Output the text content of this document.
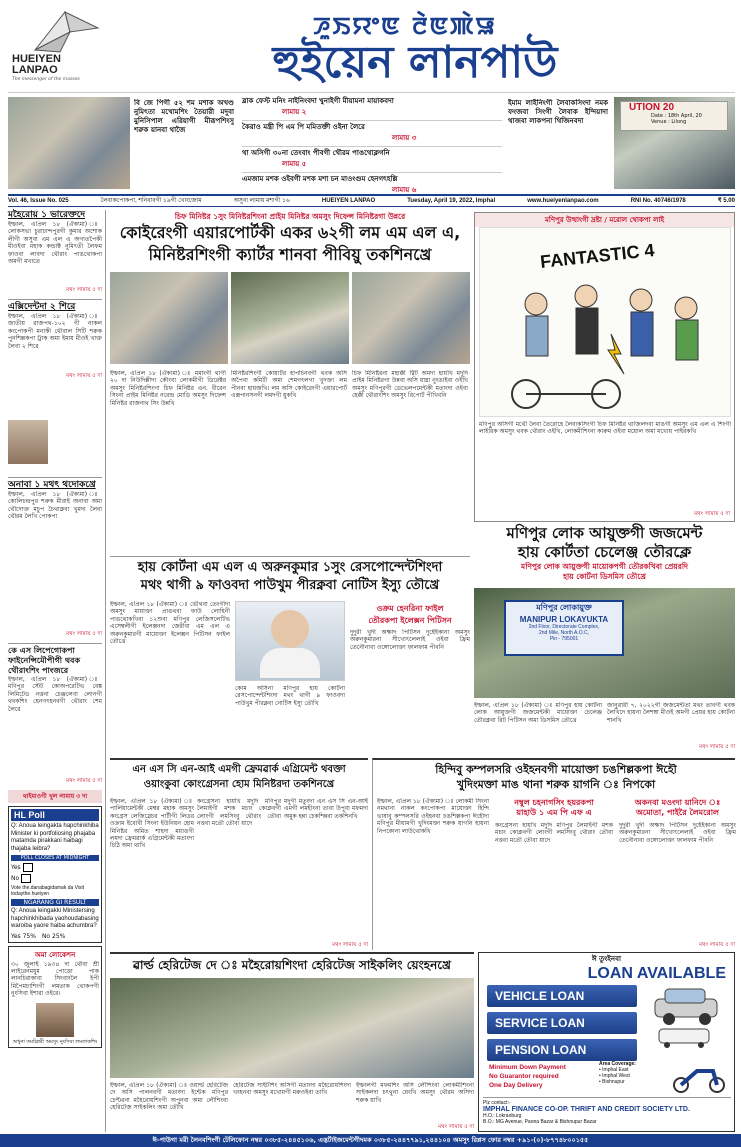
HUEIYEN
LANPAO
The messenger of the masses
ꯍꯨꯏꯌꯦꯟ ꯂꯥꯟꯄꯥꯎ
হুইয়েন লানপাউ
বি জে পিগী ৫২ শম মশাক অখণ্ড নুমিৎতা মখোমশিং তৈয়ারী মদুবা মুনিসিপাল এরিয়াগী মীরূপশিংসু শরুক য়ানবা থাজৈ
ব্লাক ফেস্ট মনিং নাইনিংবদা খুনাইগী মীয়ামনা মায়াকবদা
লামায় ২
কৈরাও মন্ত্রী পি এম পি মমিতক্তী ওইনা লৈরে
লামায় ৩
থা অসিগী ৩০না তেংবাং পীবগী থৌরম পাঙথোক্লগনি
লামায় ৫
এমজাম মশক ওইবগী মশক মশা চন মাওংগুম হেনগৎহল্লি
লামায় ৬
ইমাম লাইনিংগী লৈবাকসিংদা নমক ফংজবা সিংগী লৈবাক ইন্দিয়াদা থাজবা লাকপনা থিজিনবদা
UTION 20
Date : 18th April, 20
Venue : Lilong
Vol. 46, Issue No. 025	লৈবাকপোকপা, শনিবাবগী ১৯গী খোংজোম	অসুবা লামায় মশাগী ১৬	HUEIYEN LANPAO	Tuesday, April 19, 2022, Imphal	www.hueiyenlanpao.com	RNI No. 40746/1978	₹ 5.00
মহৈরোয় ১ ভারেক্তদে
ইম্ফাল, এপ্রিল ১৮ (ঐক্যমা) ঃ লোকসভা চুরাচান্দপুরগী কুমার অশোক লীগী অসুবা এম এল এ অগ্যতপৈকী মীওইবা মহাক কন্ডাক্ট নুমিৎতী লৈফম ফাওবা লাবদা থৌরাং পাঙথোকপা অমগী মখাতে
মথং লামায় ৫ দা
এক্সিদেন্টদা ২ শিরে
ইম্ফাল, এপ্রিল ১৮ (ঐক্যমা) ঃ জাতীয় রাজপথ-১০২ গী নাকল কংপোকপী মনাকী থৌবাল সিটি শরুক পুনশিল্লকপা ট্রাক অমা ইমায় মীওই খাক্ত লৈবা ২ শিরে
মথং লামায় ৫ দা
অনাবা ১ মথৎ থদোকখ্রে
ইম্ফাল, এপ্রিল ১৮ (ঐক্যমা) ঃ কোলিচন্দ্রপুর শরুক মীরাই অনাবা অমা থৌদোক্ত মচুপ চৈথাক্লবা খুমদা লৈবা থৌরম লৈখি পোকপা
মথং লামায় ৫ দা
কে এস লিপেগোকপা ফাইনেন্সিমৌপীগী থবক থৌরাংশিং পাংজরে
ইম্ফাল, এপ্রিল ১৮ (ঐক্যমা) ঃ মণিপুর স্টেট কোঅপরেটিভ বেঙ্ক লিমিটেড নত্তনা চেঞ্জলেবা লোনগী থবকশিং হেনগৎহনবগী থৌরাং শেম লৈরে
মথং লামায় ৫ দা
থাইমাওগী খুল লামায় ৩ দা
HL Poll
Q: Anoua leingakta hapchinkhiba Minister ki portfoliosing phajaba matamda pirakkani haibagi thajaba leibra?
POLL CLOSES AT MIDNIGHT
Yes
No
Vote the.danabagidamak da Visit todaythe.hueiyen
NGARANG GI RESULT
Q: Anoua leingakki Ministersing hapchinkhibada yaohoudabasing waroiba yaore haiba achumbra?
Yes 75% No 25%
অমা লোকেশন
৩০ জুলাই ১৯৩৪ দা থৌবা শ্রী লাইরেনমযুম পোত্তো পাক লানচিরাকাবা সিংবাংলৈ ইপী মিপৈমচাশিংগী লমতাক থোকপগী নুংসিবা ইশারা ওইরে।
অখুনা তমচিন্নরী অমসুং নুংসিবা লমতাকশিং
চিফ মিনিষ্টর ১সুং মিনিষ্টরশিংনা প্রাইম মিনিষ্টর অমসুং দিফেন্স মিনিষ্টরগা উন্নরে
কোইরেংগী এয়ারপোর্টকী একর ৬২গী লম এম এল এ,
মিনিষ্টরশিংগী ক্যার্টর শানবা পীবিয়ু তকশিনখ্রে
ইম্ফাল, এপ্রিল ১৮ (ঐক্যমা) ঃ মমাংগী থাগী ২০ দা নিউদিল্লীদা কৌংবা লোকমীগী ডিরেক্টর অমসুং মিনিষ্টরশিংগা চিফ মিনিষ্টর এন. বীরেন সিংনা প্রাইম মিনিষ্টর নরেন্দ্র মোডি অমসুং দিফেন্স মিনিষ্টর রাজনাথ সিং উন্নখি
মিনিষ্টরশিংগী কোয়ার্টর হাপচিনবগী থবক অসি অপৈবা কমিটি অমা শেমগৎলগা খুদক্তা লম পীনবা হায়জখি। লম অসি কোইরেংগী এয়ারপোর্ট এক্সপানসনগী লমদগী য়ুকখি
চিফ মিনিষ্টরনা মহাক্কী ট্বিট অমদা হায়খি মদুদি প্রাইম মিনিষ্টরগা উন্নবা অসি য়াম্না নুংঙাইবা ওইখি অমসুং মণিপুরগী ডেভেলপমেন্টকী মতাংদা ওইবা হেক্কী থৌরাংশিং অমসুং রিপোর্ট পীখিবনি
মণিপুর উত্থাংগী দ্রষ্টা / মরোল থোকপা লাই
FANTASTIC 4
মণিপুর অসিগী মথৌ লৈবা তৈরোহে লৈবাকসিংগী চিফ মিনিষ্টর থাজিলদবা মাঙগী অমসুং এম এল এ শিংগী লাইরিক অমসুং থবক থৌরাং ওইখি, লোকমীশিংনা কারুম ওইবা ময়োল অমা মখোয় পাইরকখি
মথং লামায় ৫ দা
মণিপুর লোক আয়ুক্তগী জজমেন্ট
হায় কোর্টতা চেলেঞ্জ তৌরক্লে
মণিপুর লোক আয়ুক্তগী মায়োকপগী তৌরকখিবা প্রেয়রদি
হায় কোর্টনা ডিসমিস তৌখ্রে
মণিপুর লোকায়ুক্ত
MANIPUR LOKAYUKTA
2nd Floor, Directorate Complex,
2nd Mile, North A.O.C,
Pin - 795001
ইম্ফাল, এপ্রিল ১৮ (ঐক্যমা) ঃ মণিপুর হায় কোর্টনা লোক আয়ুক্তগী জজমেন্টকী মায়োক্তা চেলেঞ্জ তৌরক্লবা রিট পিটিসন অমা ডিসমিস তৌখ্রে
জানুৱারী ৭, ২০২২গী জজমেন্টতা মথং তাবগী থবক লৈখিদে হায়না লৈশম্বা মীওই অমগী প্রেয়র হায় কোর্টনা শানখি
মথং লামায় ৫ দা
হায় কোর্টনা এম এল এ অরুনকুমার ১সুং রেসপোন্দেন্টশিংদা
মথং থাগী ৯ ফাওবদা পাউখুম পীরক্নবা নোটিস ইস্যু তৌখ্রে
ইম্ফাল, এপ্রিল ১৮ (ঐক্যমা) ঃ ভৌথবা তেংগীদা অমসুং মায়াক্তা প্রাঙথবা ফাউ লোহিনী পাঙথোকখিবা ১২শুবা মণিপুর লেজিসলেটিভ এসেম্বলীগী ইলেক্সনদা জেরীবা এম এল এ অরুনকুমারগী মায়োক্তা ইলেক্সন পিটিসন ফাইল তৌখ্রে
কোম অসিনা মণিপুর হায় কোর্টনা রেসপোন্দেন্টশিংদা মথং থাগী ৯ ফাওবদা পাউখুম পীরক্নবা নোটিস ইস্যু তৌখি
ওক্রম হেনরিনা ফাইল
তৌরকপা ইলেক্সন পিটিসন
দুদুরী খুদী অক্ষাদ পিটিসন দুহেঁইকানা অমসুং অরুনকুমারনা সীখোৎলেলাই ওইবা ফ্রিম তেনৌনাবা ওঙ্গোলোক্তা ফালফাম পীবনি
এন এস সি এন-আই এমগী ফ্রেমৱার্ক এগ্রিমেন্ট থবক্তা
ওয়াংকুবা কোংগ্রেসনা হোম মিনিষ্টরদা তকশিনখ্রে
ইম্ফাল, এপ্রিল ১৮ (ঐক্যমা) ঃ পার্লিয়ামেন্টকী মেম্বর মহাক অমসুং কংগ্রেস লেজিস্লেচর পার্টীগী লিডর ওক্রাম ইবোবী সিংনা ইউনিয়ন হোম মিনিষ্টর অমিত শাহদা ময়াঙগী লমদা ফ্রেমৱার্ক এগ্রিমেন্টকী মতাংদা চিঠি অমা থাখি
কংগ্রেসনা হায়খি মদুদি মণিপুর লৈমাইগী মশক মচাং কোক্লবগী লোংগী লমসিংবু থৌরাং তৌবা নত্তবা মতৌ তৌবা য়াদে
মদুগী মতুংদা এন এস সি এন-আই এমগী লমহীংনা তাবা উপুবা মফমদা অমুক হন্না চেকশিন্নবা তকশিনখি
মথং লামায় ৫ দা
হিন্দিবু কম্পলসরি ওইহনবগী মায়োক্তা চঙশিল্লকপা ঈহৌ
খুদিংমক্তা মাঙ থানা শরুক য়াগনি ঃ নিপকো
ইম্ফাল, এপ্রিল ১৮ (ঐক্যমা) ঃ লোকমী সিংনা নমথানা নাকল কংপোকপা মায়োক্তা হিন্দি ভাষাবু কম্পলসরি ওইহনবা চঙশিল্লকপা ঈহৌদা মণিপুর মীয়ামগী খুদিংমক্তা শরুক য়াগনি হায়না নিপকোনা লাউথোকখি
নম্বুল চহনাগসিং হয়রকপা
য়াহাউ ১ এম পি এফ এ
কংগ্রেসনা হায়খি মদুদি মণিপুর লৈমাইগী মশক মচাং কোক্লবগী লোংগী লমসিংবু থৌরাং তৌবা নত্তবা মতৌ তৌবা য়াদে
অকনবা মওংদা য়ানিদে ঃ
অমোতা, পাইরৈ লৈমরোল
দুদুরী খুদী অক্ষাদ পিটিসন দুহেঁইকানা অমসুং অরুনকুমারনা সীখোৎলেলাই ওইবা ফ্রিম তেনৌনাবা ওঙ্গোলোক্তা ফালফাম পীবনি
মথং লামায় ৫ দা
ৱার্ল্ড হেরিটেজ দে ঃ মহৈরোয়শিংদা হেরিটেজ সাইকলিং য়েংহনখ্রে
ইম্ফাল, এপ্রিল ১৮ (ঐক্যমা) ঃ ওয়ার্ল্ড হেরিটেজ দে অসি পালনবগী মতাংদা ইন্টেক মণিপুর চেপ্টরনা মহৈরোয়শিংগী অপুনবা অমা লৌশিংবা হেরিটেজ সাইকলিং অমা তৌখি
হেরিটেজ সাইটশিং অসিগী মতাংদা মহৈরোয়শিংদা খংহনবা অমসুং মখোয়গী মরুওইবা তাখি
ইম্ফালগী মফমশিং অসি লৌশিংবা লোকমীশিংনা সাইকলদা চৎথুনা য়েংখি অমসুং থৌরম অসিদা শরুক য়াখি
মথং লামায় ৫ দা
ঈ তুংইনবা
LOAN AVAILABLE
VEHICLE LOAN
SERVICE LOAN
PENSION LOAN
Minimum Down Payment
No Guarantor required
One Day Delivery
Area Coverage:
• Imphal East
• Imphal West
• Bishnupur
Plz contact:-
IMPHAL FINANCE CO-OP. THRIFT AND CREDIT SOCIETY LTD.
H.O.: Lokraoburg
B.O.: MG Avenue, Paona Bazar & Bishnupur Bazar
ঈ-পাউগা মরী লৈনবশিংগী টেলিফোন নম্বর ০৩৮৫-২৪৪৫১০৬, এদ্ভর্টাইজমেন্টগীদমক ০৩৮৫-২৪৪৭৭৯১,২৪৪১০৪ অমসুং রিপ্লস ফোর নম্বর +৯১-(০)-৮৭৭৪৮০০১৫৫
